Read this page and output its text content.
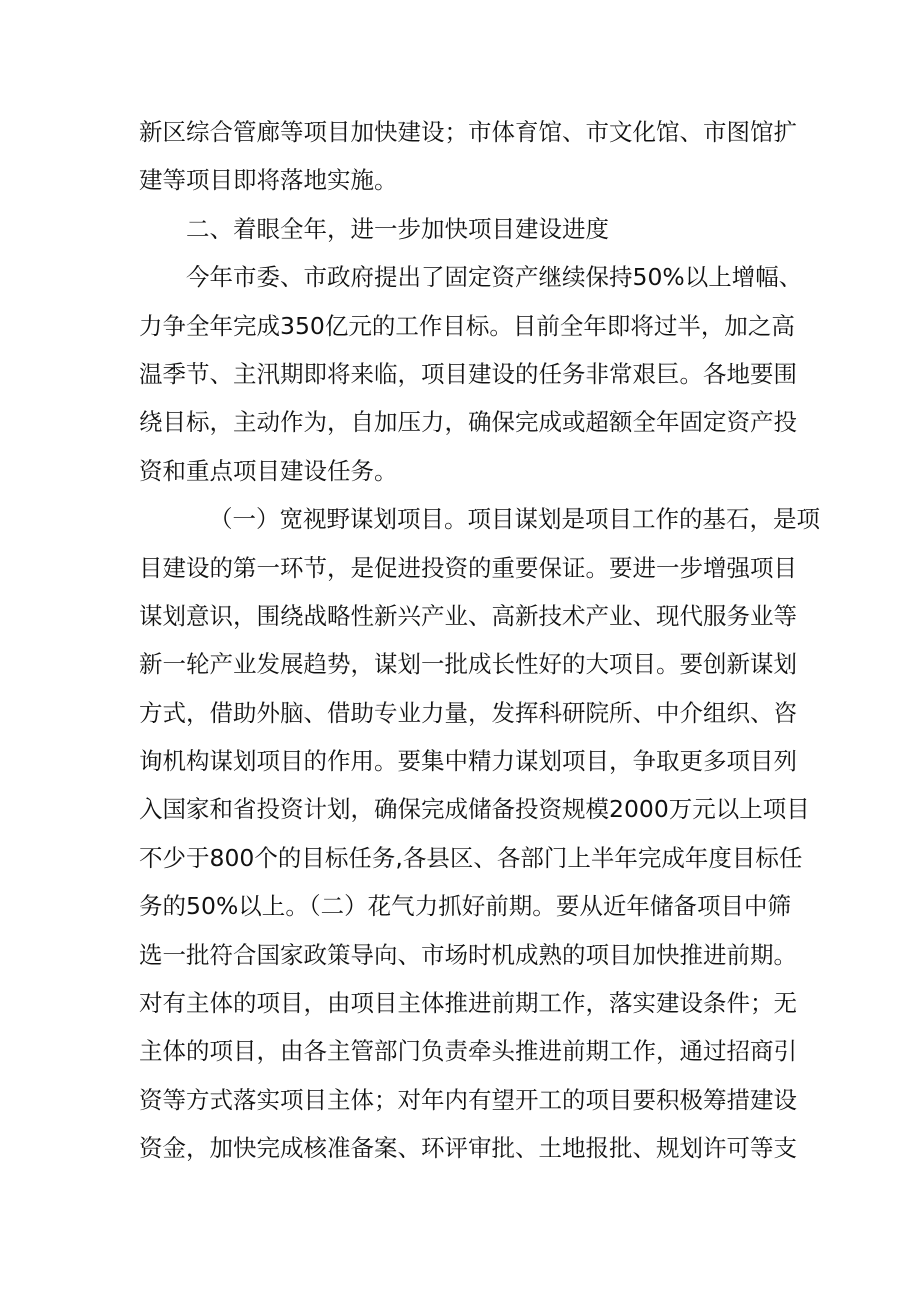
新区综合管廊等项目加快建设；市体育馆、市文化馆、市图馆扩
建等项目即将落地实施。
二、着眼全年，进一步加快项目建设进度
今年市委、市政府提出了固定资产继续保持50%以上增幅、
力争全年完成350亿元的工作目标。目前全年即将过半，加之高
温季节、主汛期即将来临，项目建设的任务非常艰巨。各地要围
绕目标，主动作为，自加压力，确保完成或超额全年固定资产投
资和重点项目建设任务。
（一）宽视野谋划项目。项目谋划是项目工作的基石，是项
目建设的第一环节，是促进投资的重要保证。要进一步增强项目
谋划意识，围绕战略性新兴产业、高新技术产业、现代服务业等
新一轮产业发展趋势，谋划一批成长性好的大项目。要创新谋划
方式，借助外脑、借助专业力量，发挥科研院所、中介组织、咨
询机构谋划项目的作用。要集中精力谋划项目，争取更多项目列
入国家和省投资计划，确保完成储备投资规模2000万元以上项目
不少于800个的目标任务,各县区、各部门上半年完成年度目标任
务的50%以上。（二）花气力抓好前期。要从近年储备项目中筛
选一批符合国家政策导向、市场时机成熟的项目加快推进前期。
对有主体的项目，由项目主体推进前期工作，落实建设条件；无
主体的项目，由各主管部门负责牵头推进前期工作，通过招商引
资等方式落实项目主体；对年内有望开工的项目要积极筹措建设
资金，加快完成核准备案、环评审批、土地报批、规划许可等支
